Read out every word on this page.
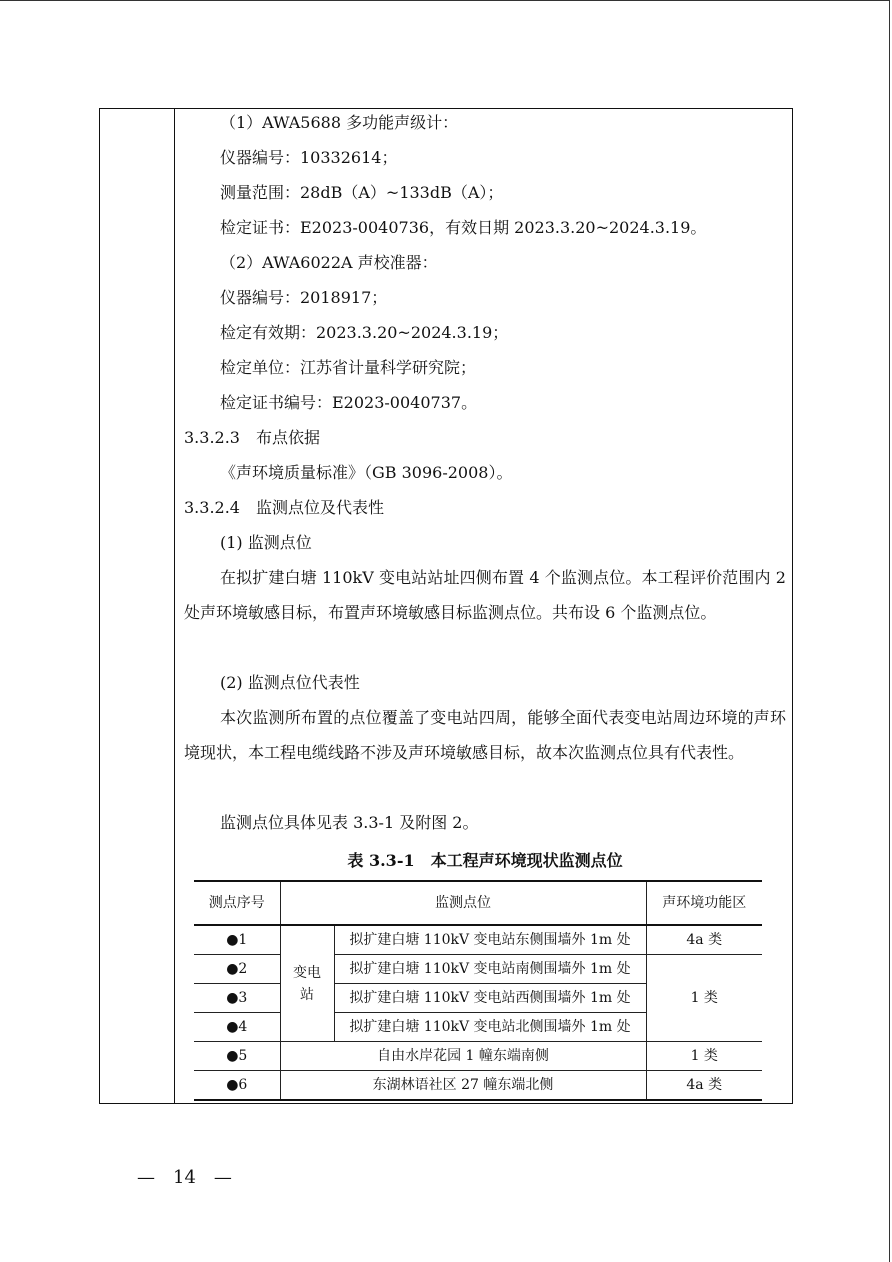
（1）AWA5688 多功能声级计：
仪器编号：10332614；
测量范围：28dB（A）~133dB（A）；
检定证书：E2023-0040736，有效日期 2023.3.20~2024.3.19。
（2）AWA6022A 声校准器：
仪器编号：2018917；
检定有效期：2023.3.20~2024.3.19；
检定单位：江苏省计量科学研究院；
检定证书编号：E2023-0040737。
3.3.2.3　布点依据
《声环境质量标准》（GB 3096-2008）。
3.3.2.4　监测点位及代表性
(1) 监测点位
在拟扩建白塘 110kV 变电站站址四侧布置 4 个监测点位。本工程评价范围内 2 处声环境敏感目标，布置声环境敏感目标监测点位。共布设 6 个监测点位。
(2) 监测点位代表性
本次监测所布置的点位覆盖了变电站四周，能够全面代表变电站周边环境的声环境现状，本工程电缆线路不涉及声环境敏感目标，故本次监测点位具有代表性。
监测点位具体见表 3.3-1 及附图 2。
表 3.3-1　本工程声环境现状监测点位
测点序号	监测点位		声环境功能区
●1	变电站	拟扩建白塘 110kV 变电站东侧围墙外 1m 处	4a 类
●2		拟扩建白塘 110kV 变电站南侧围墙外 1m 处	1 类
●3		拟扩建白塘 110kV 变电站西侧围墙外 1m 处	
●4		拟扩建白塘 110kV 变电站北侧围墙外 1m 处	
●5	自由水岸花园 1 幢东端南侧		1 类
●6	东湖林语社区 27 幢东端北侧		4a 类
—　14　—
